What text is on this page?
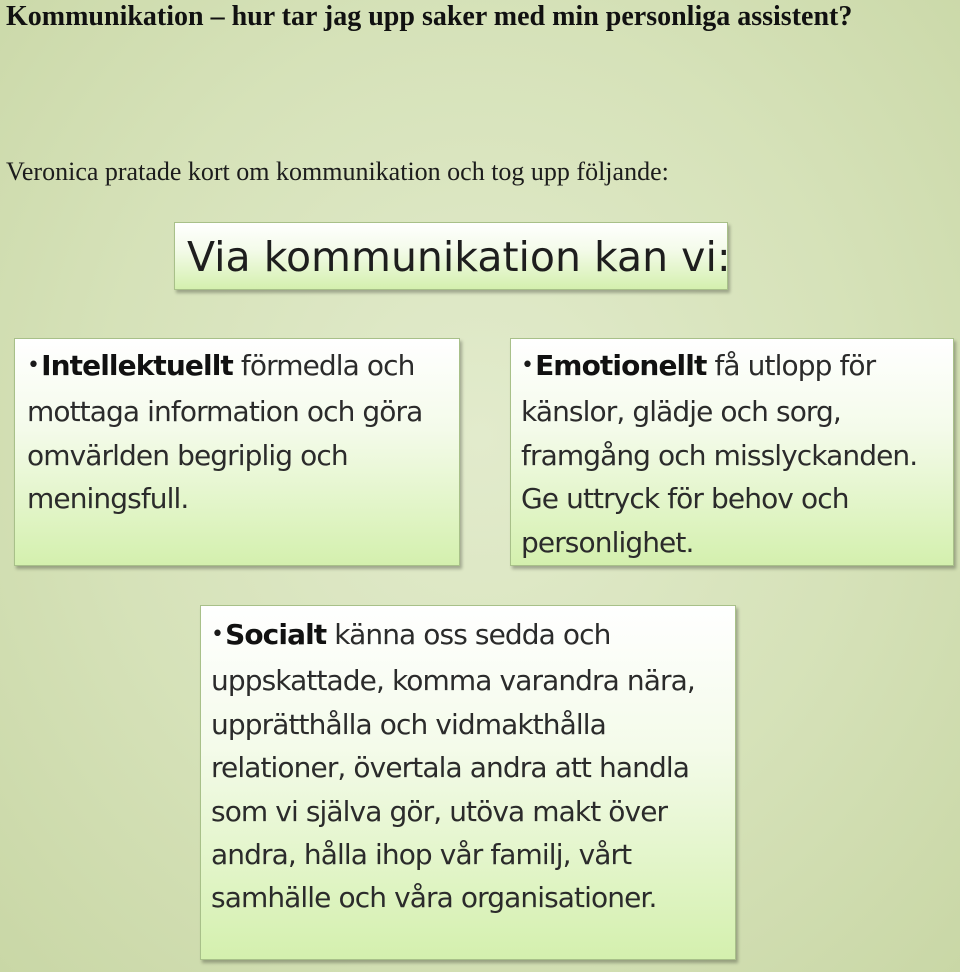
Kommunikation – hur tar jag upp saker med min personliga assistent?
Veronica pratade kort om kommunikation och tog upp följande:
Via kommunikation kan vi:
•Intellektuellt förmedla och mottaga information och göra omvärlden begriplig och meningsfull.
•Emotionellt få utlopp för känslor, glädje och sorg, framgång och misslyckanden. Ge uttryck för behov och personlighet.
•Socialt känna oss sedda och uppskattade, komma varandra nära, upprätthålla och vidmakthålla relationer, övertala andra att handla som vi själva gör, utöva makt över andra, hålla ihop vår familj, vårt samhälle och våra organisationer.
